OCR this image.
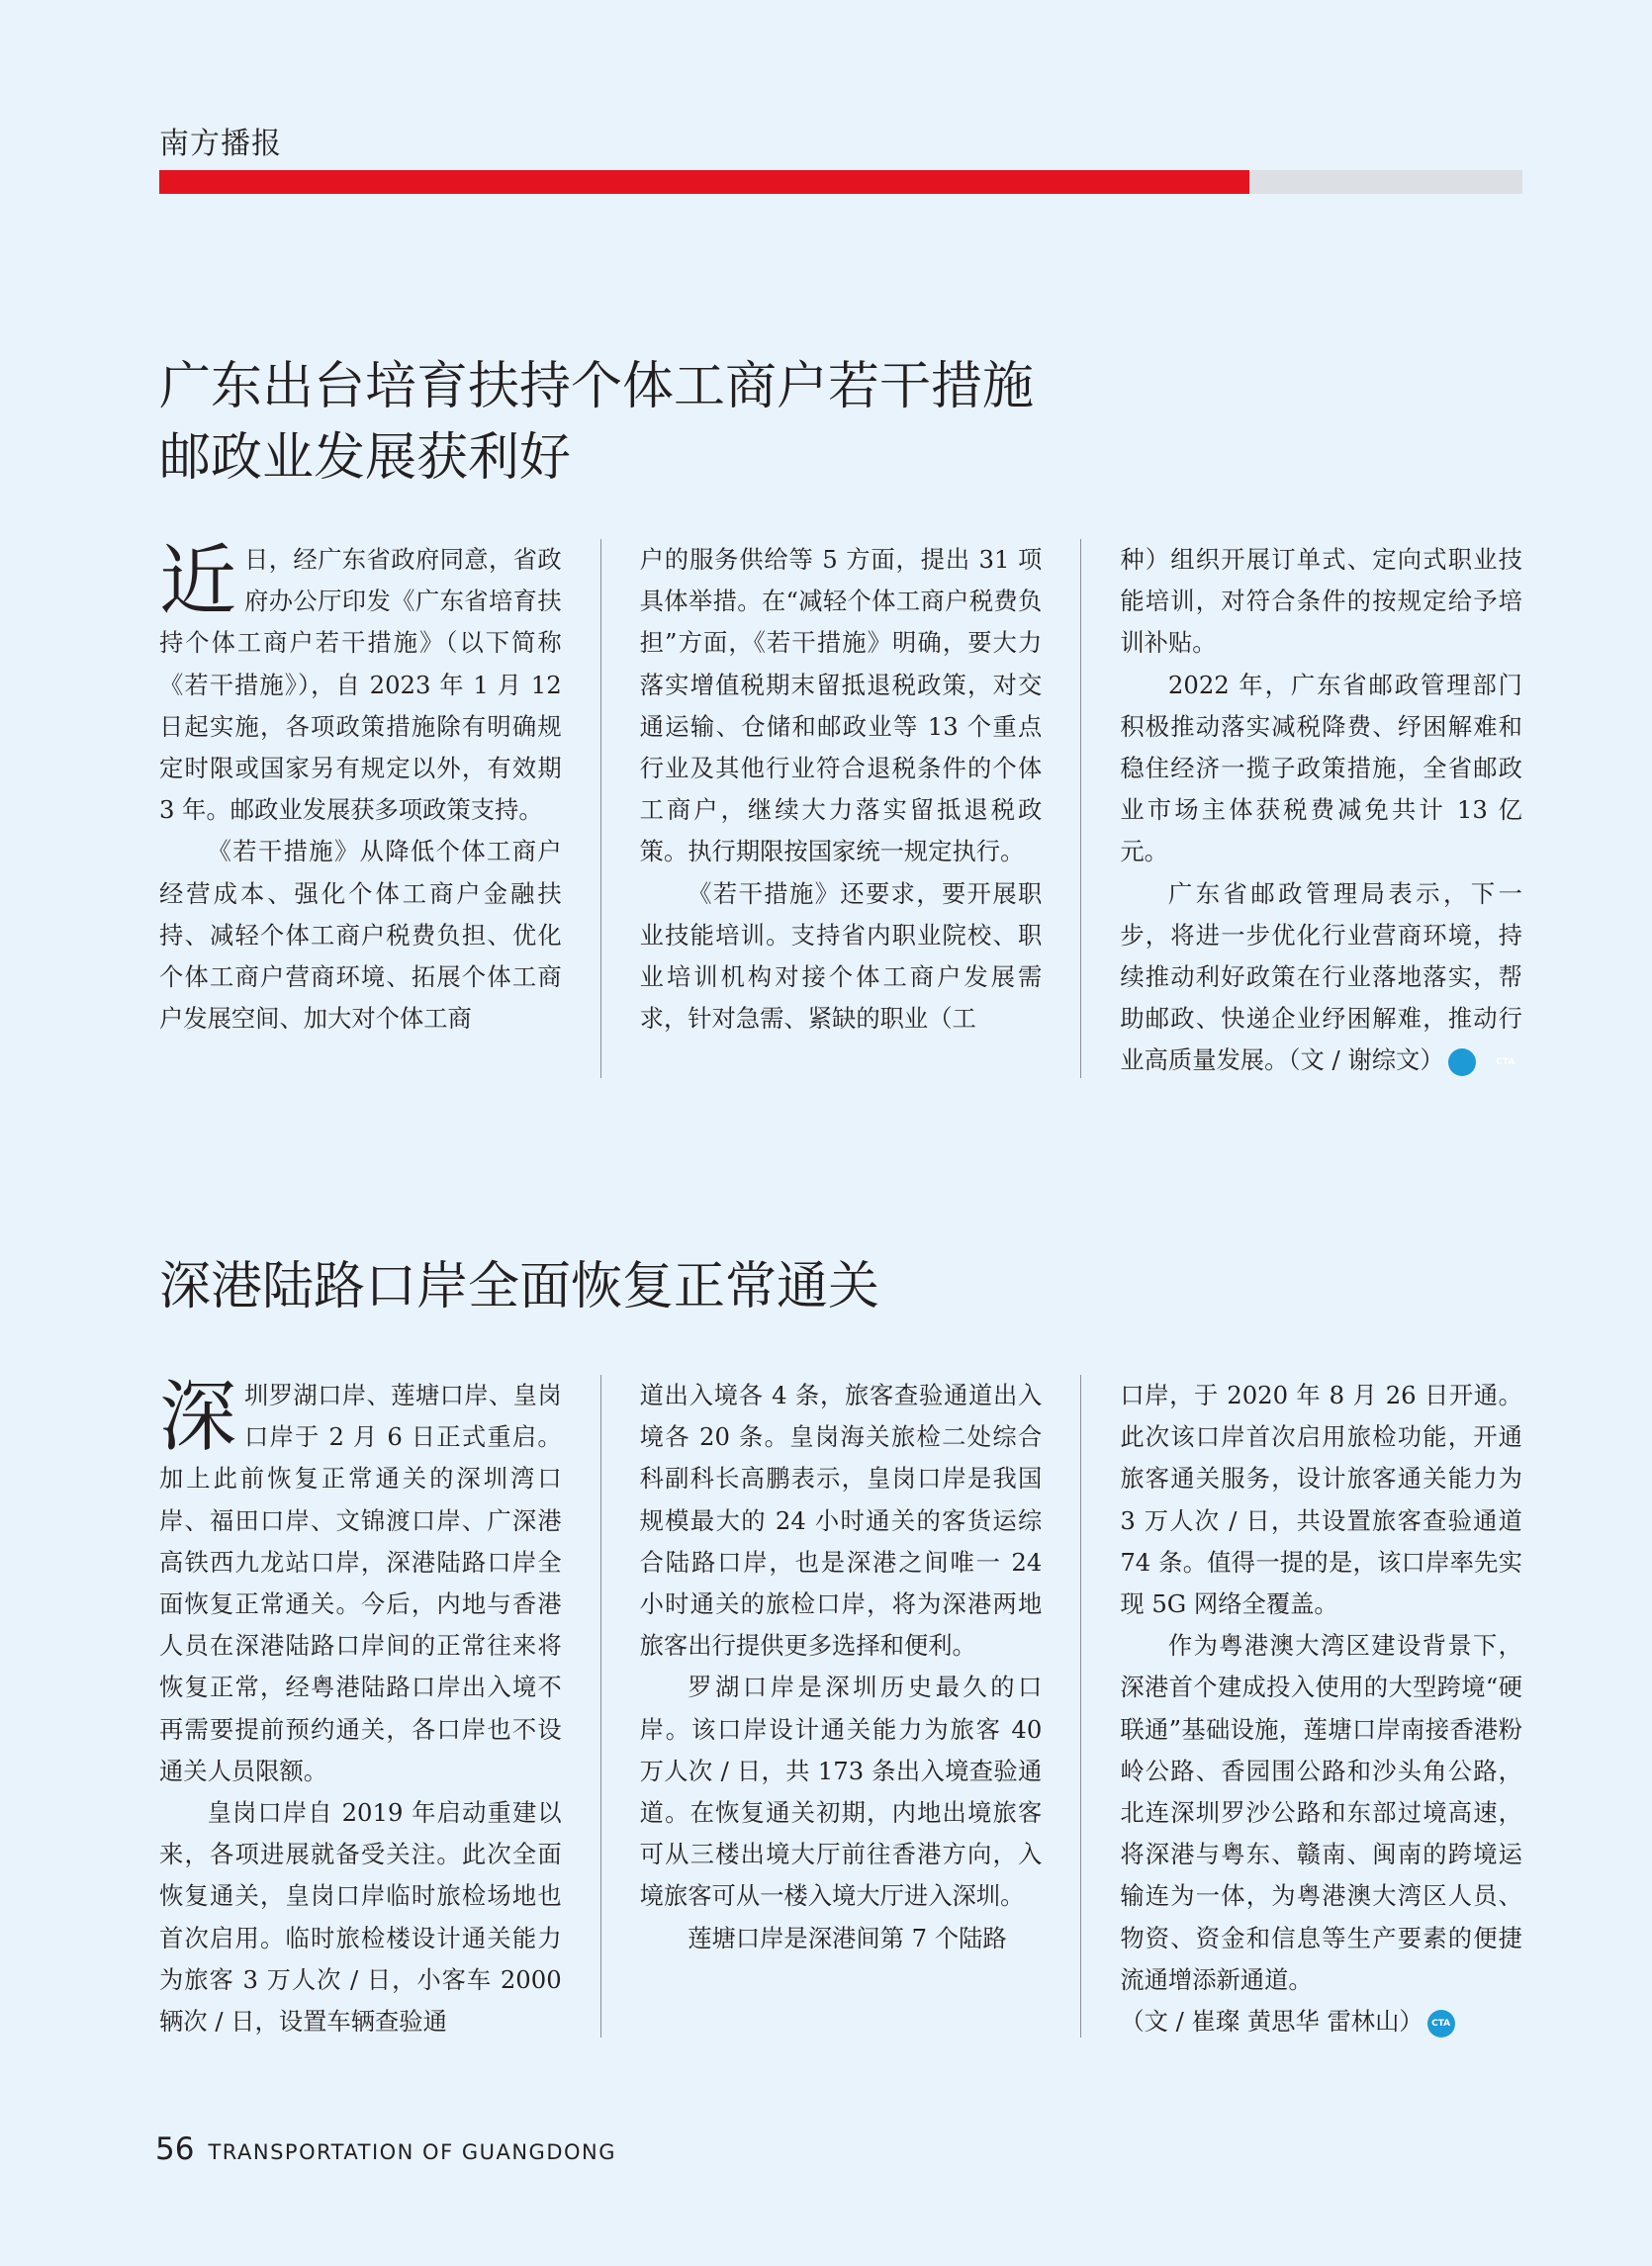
南方播报
广东出台培育扶持个体工商户若干措施
邮政业发展获利好

近日，经广东省政府同意，省政府办公厅印发《广东省培育扶持个体工商户若干措施》（以下简称《若干措施》），自 2023 年 1 月 12 日起实施，各项政策措施除有明确规定时限或国家另有规定以外，有效期 3 年。邮政业发展获多项政策支持。

《若干措施》从降低个体工商户经营成本、强化个体工商户金融扶持、减轻个体工商户税费负担、优化个体工商户营商环境、拓展个体工商户发展空间、加大对个体工商

户的服务供给等 5 方面，提出 31 项具体举措。在“减轻个体工商户税费负担”方面，《若干措施》明确，要大力落实增值税期末留抵退税政策，对交通运输、仓储和邮政业等 13 个重点行业及其他行业符合退税条件的个体工商户，继续大力落实留抵退税政策。执行期限按国家统一规定执行。

《若干措施》还要求，要开展职业技能培训。支持省内职业院校、职业培训机构对接个体工商户发展需求，针对急需、紧缺的职业（工

种）组织开展订单式、定向式职业技能培训，对符合条件的按规定给予培训补贴。

2022 年，广东省邮政管理部门积极推动落实减税降费、纾困解难和稳住经济一揽子政策措施，全省邮政业市场主体获税费减免共计 13 亿元。

广东省邮政管理局表示，下一步，将进一步优化行业营商环境，持续推动利好政策在行业落地落实，帮助邮政、快递企业纾困解难，推动行业高质量发展。（文 / 谢综文）	CTA

深港陆路口岸全面恢复正常通关

深圳罗湖口岸、莲塘口岸、皇岗口岸于 2 月 6 日正式重启。加上此前恢复正常通关的深圳湾口岸、福田口岸、文锦渡口岸、广深港高铁西九龙站口岸，深港陆路口岸全面恢复正常通关。今后，内地与香港人员在深港陆路口岸间的正常往来将恢复正常，经粤港陆路口岸出入境不再需要提前预约通关，各口岸也不设通关人员限额。

皇岗口岸自 2019 年启动重建以来，各项进展就备受关注。此次全面恢复通关，皇岗口岸临时旅检场地也首次启用。临时旅检楼设计通关能力为旅客 3 万人次 / 日，小客车 2000 辆次 / 日，设置车辆查验通

道出入境各 4 条，旅客查验通道出入境各 20 条。皇岗海关旅检二处综合科副科长高鹏表示，皇岗口岸是我国规模最大的 24 小时通关的客货运综合陆路口岸，也是深港之间唯一 24 小时通关的旅检口岸，将为深港两地旅客出行提供更多选择和便利。

罗湖口岸是深圳历史最久的口岸。该口岸设计通关能力为旅客 40 万人次 / 日，共 173 条出入境查验通道。在恢复通关初期，内地出境旅客可从三楼出境大厅前往香港方向，入境旅客可从一楼入境大厅进入深圳。

莲塘口岸是深港间第 7 个陆路

口岸，于 2020 年 8 月 26 日开通。此次该口岸首次启用旅检功能，开通旅客通关服务，设计旅客通关能力为 3 万人次 / 日，共设置旅客查验通道 74 条。值得一提的是，该口岸率先实现 5G 网络全覆盖。

作为粤港澳大湾区建设背景下，深港首个建成投入使用的大型跨境“硬联通”基础设施，莲塘口岸南接香港粉岭公路、香园围公路和沙头角公路，北连深圳罗沙公路和东部过境高速，将深港与粤东、赣南、闽南的跨境运输连为一体，为粤港澳大湾区人员、物资、资金和信息等生产要素的便捷流通增添新通道。

（文 / 崔璨 黄思华 雷林山） CTA

56 TRANSPORTATION OF GUANGDONG
